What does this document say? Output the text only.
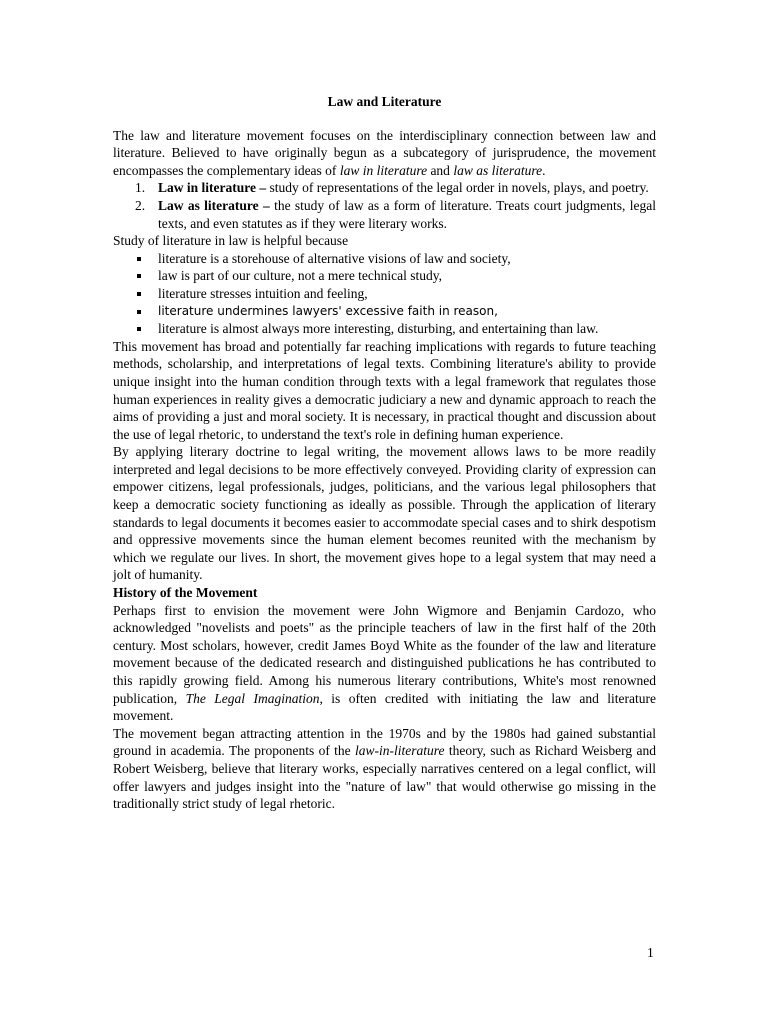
Law and Literature

The law and literature movement focuses on the interdisciplinary connection between law and literature. Believed to have originally begun as a subcategory of jurisprudence, the movement encompasses the complementary ideas of law in literature and law as literature.

1. Law in literature – study of representations of the legal order in novels, plays, and poetry.
2. Law as literature – the study of law as a form of literature. Treats court judgments, legal texts, and even statutes as if they were literary works.

Study of literature in law is helpful because

literature is a storehouse of alternative visions of law and society,
law is part of our culture, not a mere technical study,
literature stresses intuition and feeling,
literature undermines lawyers' excessive faith in reason,
literature is almost always more interesting, disturbing, and entertaining than law.

This movement has broad and potentially far reaching implications with regards to future teaching methods, scholarship, and interpretations of legal texts. Combining literature's ability to provide unique insight into the human condition through texts with a legal framework that regulates those human experiences in reality gives a democratic judiciary a new and dynamic approach to reach the aims of providing a just and moral society. It is necessary, in practical thought and discussion about the use of legal rhetoric, to understand the text's role in defining human experience.

By applying literary doctrine to legal writing, the movement allows laws to be more readily interpreted and legal decisions to be more effectively conveyed. Providing clarity of expression can empower citizens, legal professionals, judges, politicians, and the various legal philosophers that keep a democratic society functioning as ideally as possible. Through the application of literary standards to legal documents it becomes easier to accommodate special cases and to shirk despotism and oppressive movements since the human element becomes reunited with the mechanism by which we regulate our lives. In short, the movement gives hope to a legal system that may need a jolt of humanity.

History of the Movement

Perhaps first to envision the movement were John Wigmore and Benjamin Cardozo, who acknowledged "novelists and poets" as the principle teachers of law in the first half of the 20th century. Most scholars, however, credit James Boyd White as the founder of the law and literature movement because of the dedicated research and distinguished publications he has contributed to this rapidly growing field. Among his numerous literary contributions, White's most renowned publication, The Legal Imagination, is often credited with initiating the law and literature movement.

The movement began attracting attention in the 1970s and by the 1980s had gained substantial ground in academia. The proponents of the law-in-literature theory, such as Richard Weisberg and Robert Weisberg, believe that literary works, especially narratives centered on a legal conflict, will offer lawyers and judges insight into the "nature of law" that would otherwise go missing in the traditionally strict study of legal rhetoric.

1
